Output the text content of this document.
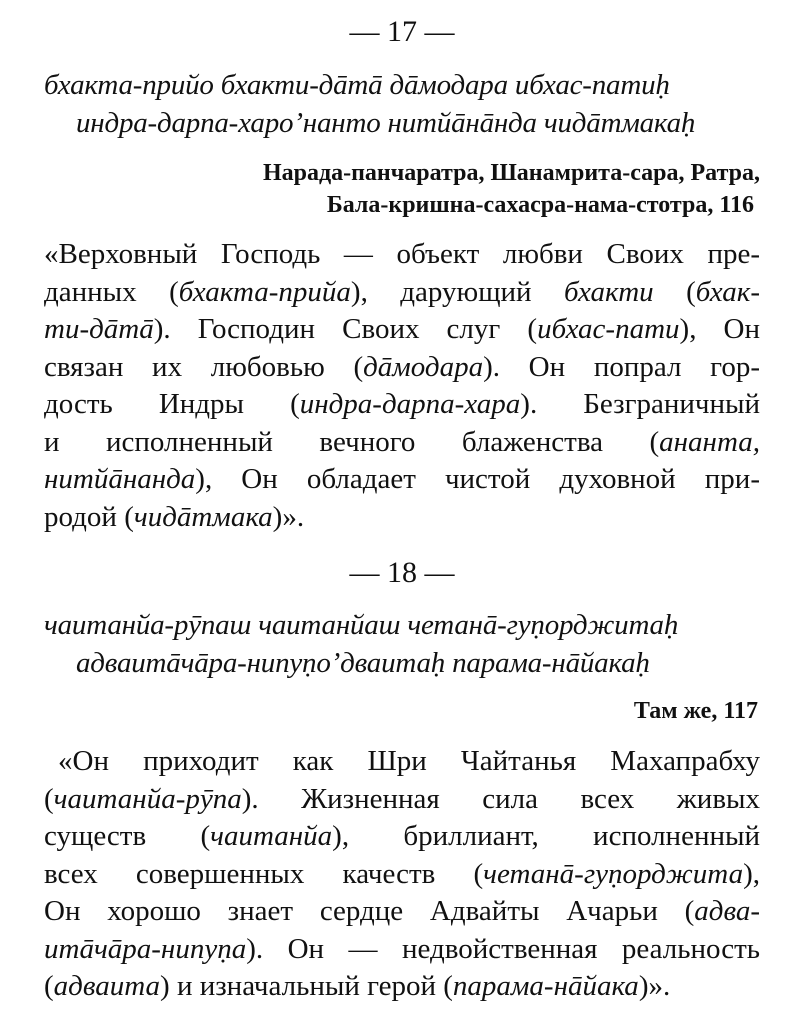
— 17 —
бхакта-прийо бхакти-дāтā дāмодара ибхас-патиḥ
индра-дарпа-харо’нанто нитйāнāнда чидāтмакаḥ
Нарада-панчаратра, Шанамрита-сара, Ратра,
Бала-кришна-сахасра-нама-стотра, 116
«Верховный Господь — объект любви Своих пре-
данных (бхакта-прийа), дарующий бхакти (бхак-
ти-дāтā). Господин Своих слуг (ибхас-пати), Он
связан их любовью (дāмодара). Он попрал гор-
дость Индры (индра-дарпа-хара). Безграничный
и исполненный вечного блаженства (ананта,
нитйāнанда), Он обладает чистой духовной при-
родой (чидāтмака)».
— 18 —
чаитанйа-рӯпаш чаитанйаш четанā-гуṇорджитаḥ
адваитāчāра-нипуṇо’дваитаḥ парама-нāйакаḥ
Там же, 117
«Он приходит как Шри Чайтанья Махапрабху
(чаитанйа-рӯпа). Жизненная сила всех живых
существ (чаитанйа), бриллиант, исполненный
всех совершенных качеств (четанā-гуṇорджита),
Он хорошо знает сердце Адвайты Ачарьи (адва-
итāчāра-нипуṇа). Он — недвойственная реальность
(адваита) и изначальный герой (парама-нāйака)».
